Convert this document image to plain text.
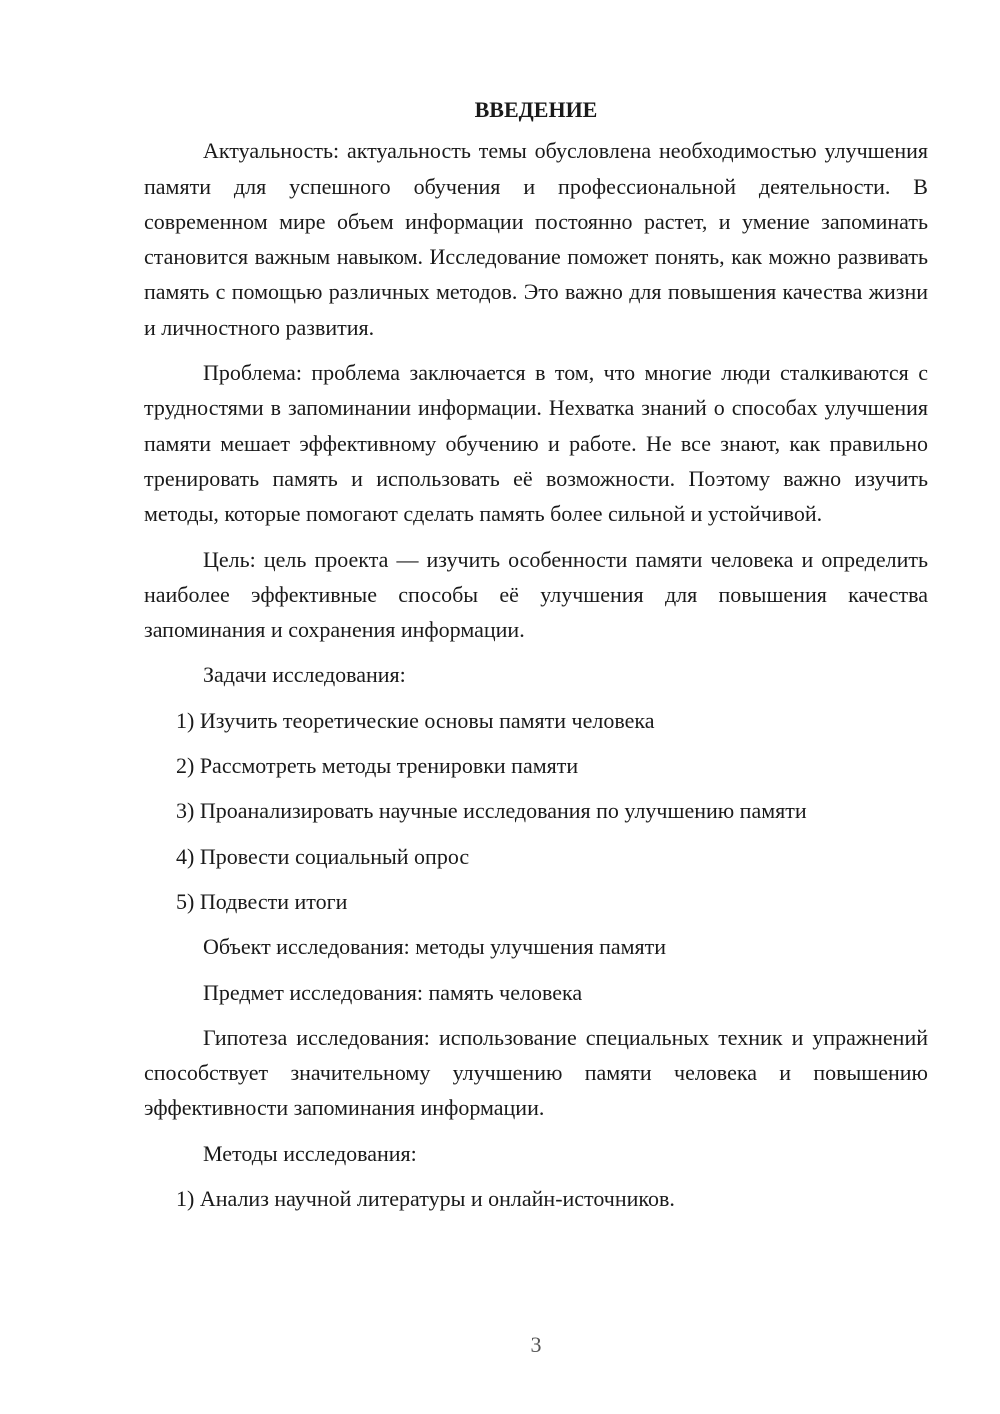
ВВЕДЕНИЕ

Актуальность: актуальность темы обусловлена необходимостью улучшения памяти для успешного обучения и профессиональной деятельности. В современном мире объем информации постоянно растет, и умение запоминать становится важным навыком. Исследование поможет понять, как можно развивать память с помощью различных методов. Это важно для повышения качества жизни и личностного развития.

Проблема: проблема заключается в том, что многие люди сталкиваются с трудностями в запоминании информации. Нехватка знаний о способах улучшения памяти мешает эффективному обучению и работе. Не все знают, как правильно тренировать память и использовать её возможности. Поэтому важно изучить методы, которые помогают сделать память более сильной и устойчивой.

Цель: цель проекта — изучить особенности памяти человека и определить наиболее эффективные способы её улучшения для повышения качества запоминания и сохранения информации.

Задачи исследования:

1) Изучить теоретические основы памяти человека

2) Рассмотреть методы тренировки памяти

3) Проанализировать научные исследования по улучшению памяти

4) Провести социальный опрос

5) Подвести итоги

Объект исследования: методы улучшения памяти

Предмет исследования: память человека

Гипотеза исследования: использование специальных техник и упражнений способствует значительному улучшению памяти человека и повышению эффективности запоминания информации.

Методы исследования:

1) Анализ научной литературы и онлайн-источников.

3
